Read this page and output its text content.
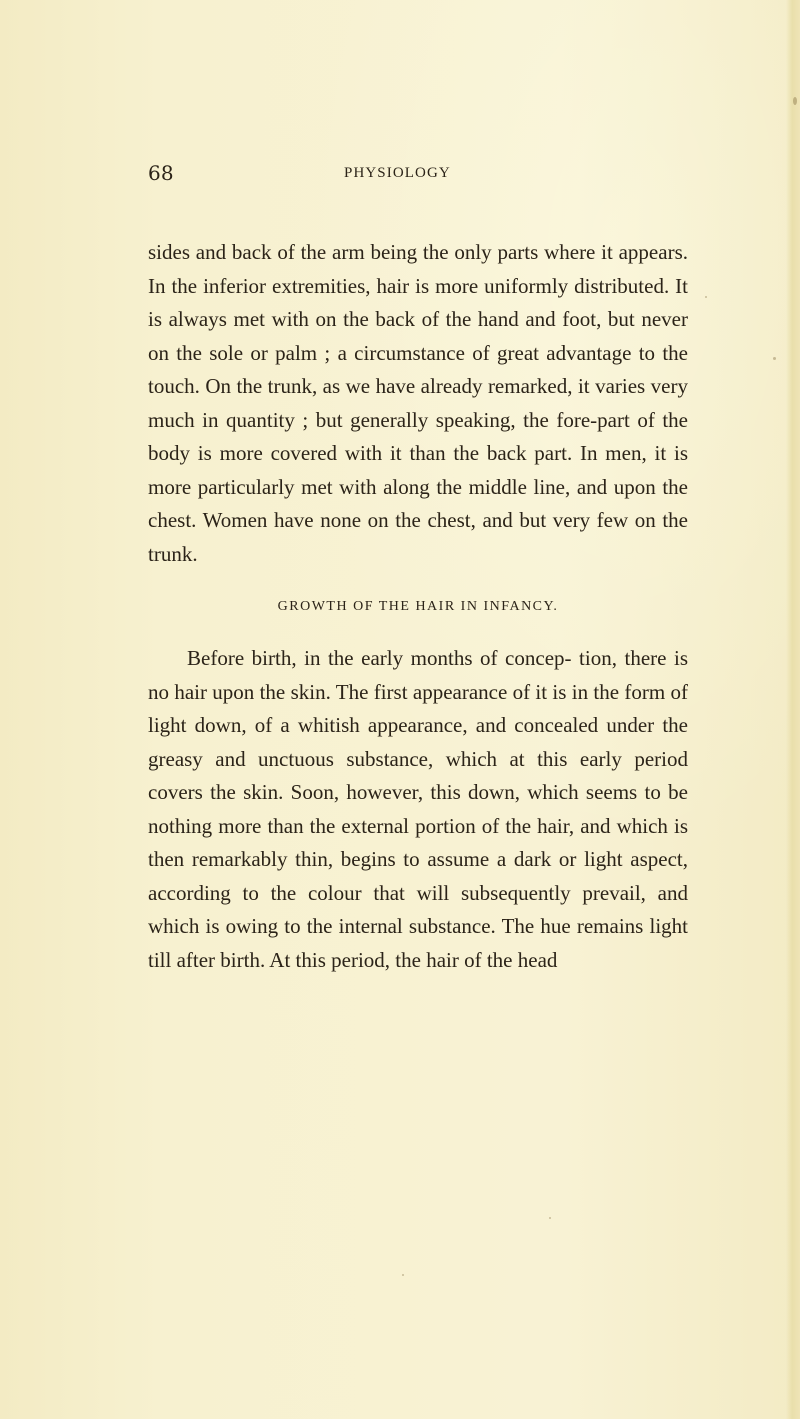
68	PHYSIOLOGY

sides and back of the arm being the only parts where it appears. In the inferior extremities, hair is more uniformly distributed. It is always met with on the back of the hand and foot, but never on the sole or palm ; a circumstance of great advantage to the touch. On the trunk, as we have already remarked, it varies very much in quantity ; but generally speaking, the fore-part of the body is more covered with it than the back part. In men, it is more particularly met with along the middle line, and upon the chest. Women have none on the chest, and but very few on the trunk.

GROWTH OF THE HAIR IN INFANCY.

Before birth, in the early months of concep- tion, there is no hair upon the skin. The first appearance of it is in the form of light down, of a whitish appearance, and concealed under the greasy and unctuous substance, which at this early period covers the skin. Soon, however, this down, which seems to be nothing more than the external portion of the hair, and which is then remarkably thin, begins to assume a dark or light aspect, according to the colour that will subsequently prevail, and which is owing to the internal substance. The hue remains light till after birth. At this period, the hair of the head
